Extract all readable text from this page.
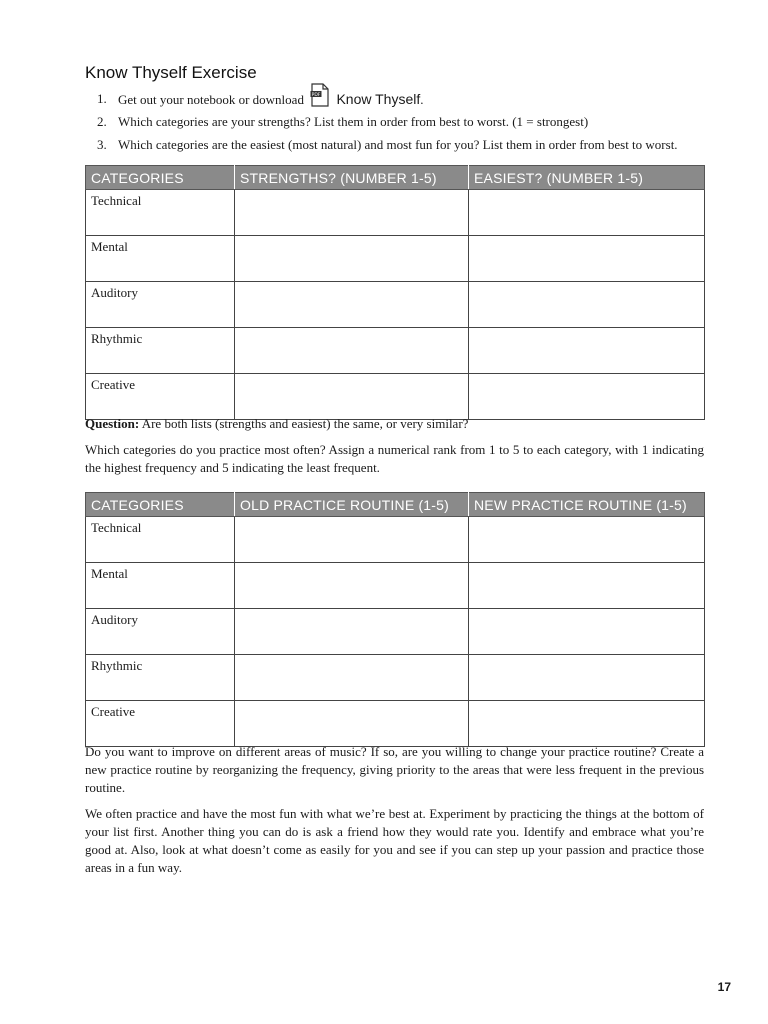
Know Thyself Exercise
1. Get out your notebook or download PDF Know Thyself.
2. Which categories are your strengths? List them in order from best to worst. (1 = strongest)
3. Which categories are the easiest (most natural) and most fun for you? List them in order from best to worst.
CATEGORIES	STRENGTHS? (NUMBER 1-5)	EASIEST? (NUMBER 1-5)
Technical		
Mental		
Auditory		
Rhythmic		
Creative		

Question: Are both lists (strengths and easiest) the same, or very similar?

Which categories do you practice most often? Assign a numerical rank from 1 to 5 to each category, with 1 indicating the highest frequency and 5 indicating the least frequent.

CATEGORIES	OLD PRACTICE ROUTINE (1-5)	NEW PRACTICE ROUTINE (1-5)
Technical		
Mental		
Auditory		
Rhythmic		
Creative		

Do you want to improve on different areas of music? If so, are you willing to change your practice routine? Create a new practice routine by reorganizing the frequency, giving priority to the areas that were less frequent in the previous routine.

We often practice and have the most fun with what we’re best at. Experiment by practicing the things at the bottom of your list first. Another thing you can do is ask a friend how they would rate you. Identify and embrace what you’re good at. Also, look at what doesn’t come as easily for you and see if you can step up your passion and practice those areas in a fun way.

17
